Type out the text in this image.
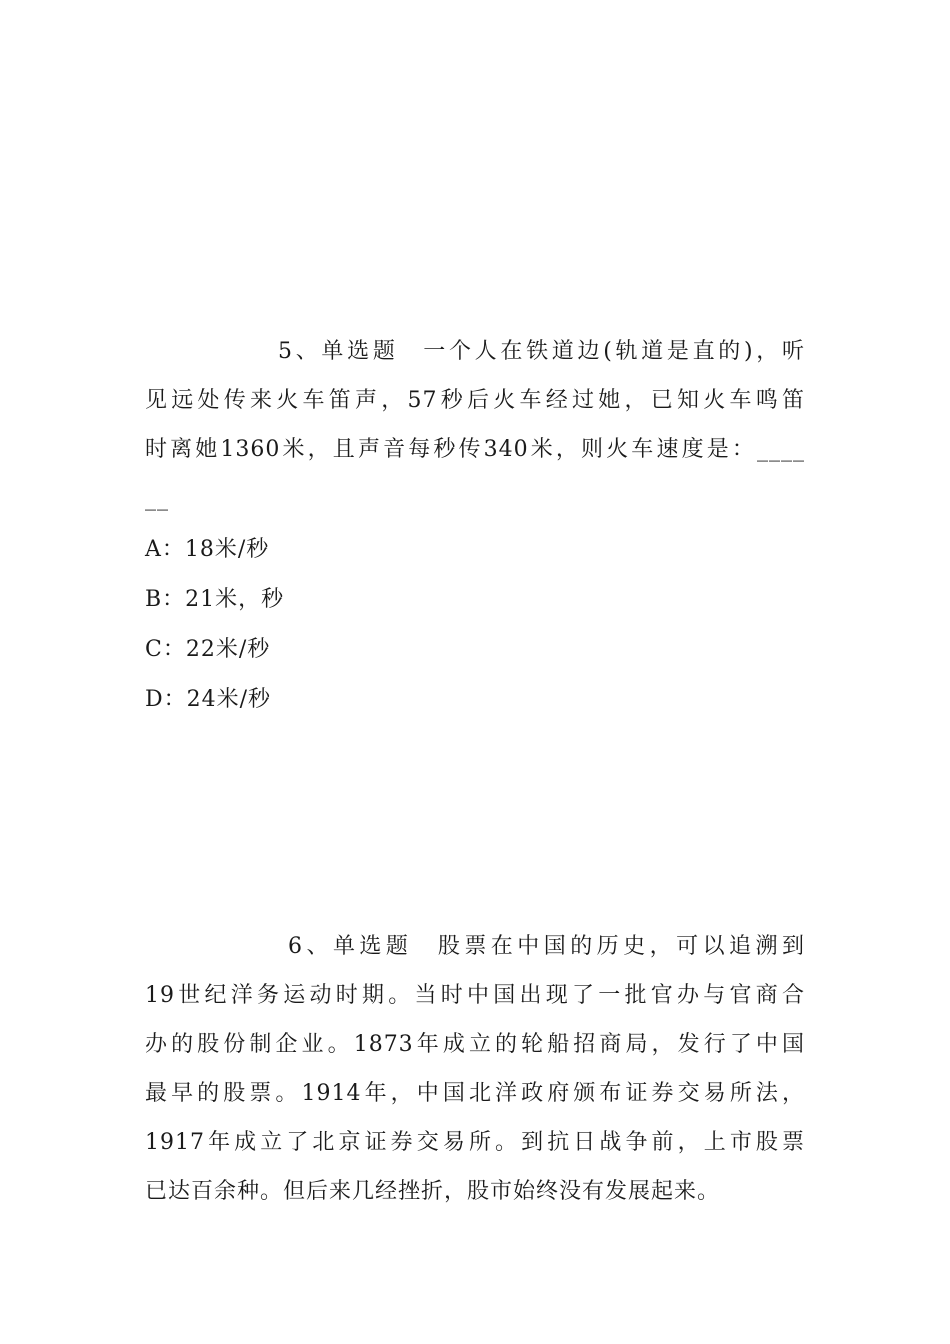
5、单选题 一个人在铁道边(轨道是直的)，听
见远处传来火车笛声，57秒后火车经过她，已知火车鸣笛
时离她1360米，且声音每秒传340米，则火车速度是：____
__
A：18米/秒
B：21米，秒
C：22米/秒
D：24米/秒
6、单选题 股票在中国的历史，可以追溯到
19世纪洋务运动时期。当时中国出现了一批官办与官商合
办的股份制企业。1873年成立的轮船招商局，发行了中国
最早的股票。1914年，中国北洋政府颁布证券交易所法，
1917年成立了北京证券交易所。到抗日战争前，上市股票
已达百余种。但后来几经挫折，股市始终没有发展起来。
